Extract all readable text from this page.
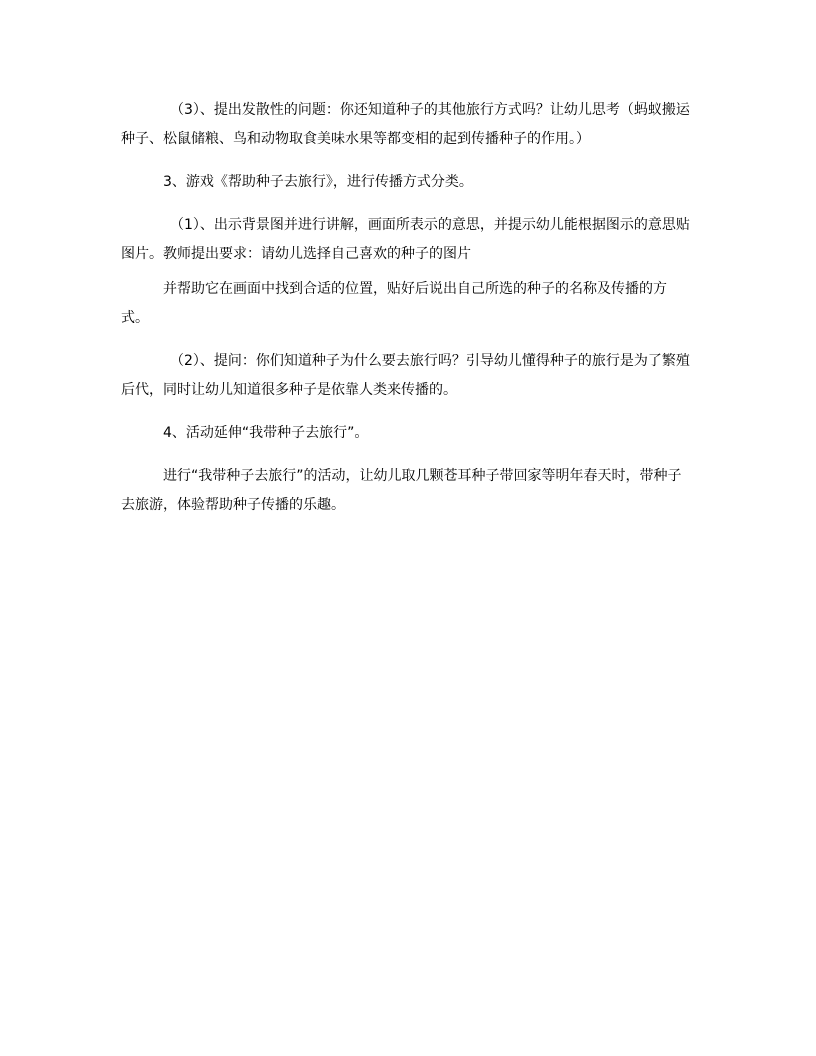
（3）、提出发散性的问题：你还知道种子的其他旅行方式吗？让幼儿思考（蚂蚁搬运种子、松鼠储粮、鸟和动物取食美味水果等都变相的起到传播种子的作用。）

3、游戏《帮助种子去旅行》，进行传播方式分类。

（1）、出示背景图并进行讲解，画面所表示的意思，并提示幼儿能根据图示的意思贴图片。教师提出要求：请幼儿选择自己喜欢的种子的图片

并帮助它在画面中找到合适的位置，贴好后说出自己所选的种子的名称及传播的方式。

（2）、提问：你们知道种子为什么要去旅行吗？引导幼儿懂得种子的旅行是为了繁殖后代，同时让幼儿知道很多种子是依靠人类来传播的。

4、活动延伸“我带种子去旅行”。

进行“我带种子去旅行”的活动，让幼儿取几颗苍耳种子带回家等明年春天时，带种子去旅游，体验帮助种子传播的乐趣。
